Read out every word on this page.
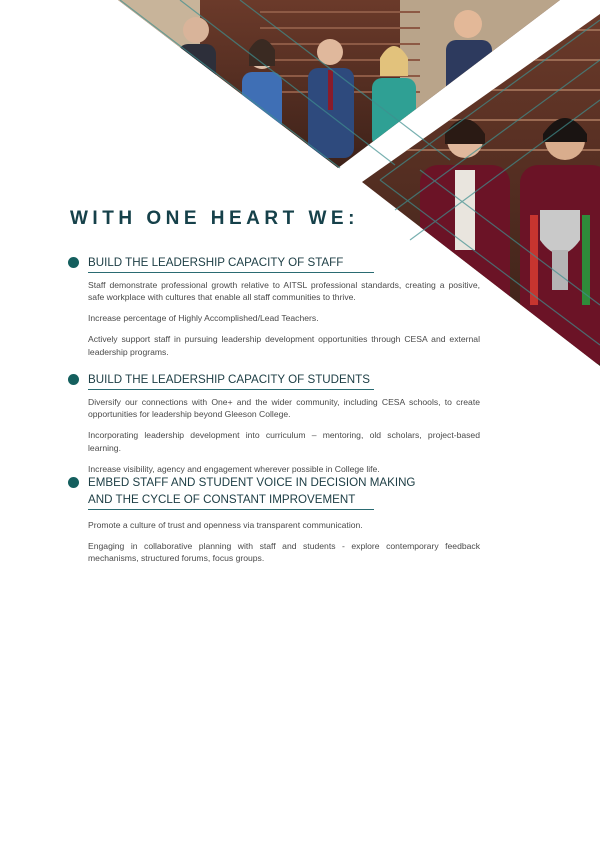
WITH ONE HEART WE:
BUILD THE LEADERSHIP CAPACITY OF STAFF

Staff demonstrate professional growth relative to AITSL professional standards, creating a positive, safe workplace with cultures that enable all staff communities to thrive.

Increase percentage of Highly Accomplished/Lead Teachers.

Actively support staff in pursuing leadership development opportunities through CESA and external leadership programs.

BUILD THE LEADERSHIP CAPACITY OF STUDENTS

Diversify our connections with One+ and the wider community, including CESA schools, to create opportunities for leadership beyond Gleeson College.

Incorporating leadership development into curriculum – mentoring, old scholars, project-based learning.

Increase visibility, agency and engagement wherever possible in College life.

EMBED STAFF AND STUDENT VOICE IN DECISION MAKING AND THE CYCLE OF CONSTANT IMPROVEMENT

Promote a culture of trust and openness via transparent communication.

Engaging in collaborative planning with staff and students - explore contemporary feedback mechanisms, structured forums, focus groups.
